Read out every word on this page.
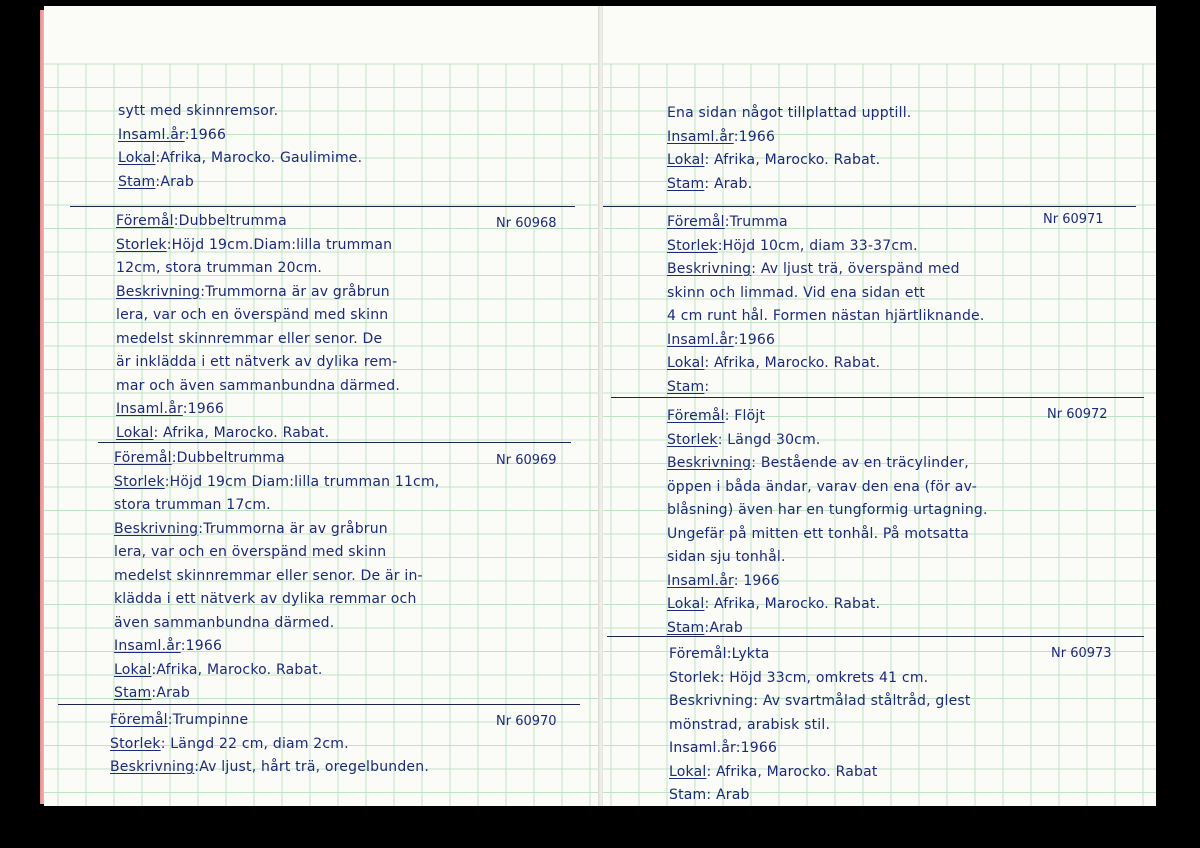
sytt med skinnremsor.
Insaml.år:1966
Lokal:Afrika, Marocko. Gaulimime.
Stam:Arab
Nr 60968
Föremål:Dubbeltrumma
Storlek:Höjd 19cm.Diam:lilla trumman
12cm, stora trumman 20cm.
Beskrivning:Trummorna är av gråbrun
lera, var och en överspänd med skinn
medelst skinnremmar eller senor. De
är inklädda i ett nätverk av dylika rem-
mar och även sammanbundna därmed.
Insaml.år:1966
Lokal: Afrika, Marocko. Rabat.
Nr 60969
Föremål:Dubbeltrumma
Storlek:Höjd 19cm Diam:lilla trumman 11cm,
stora trumman 17cm.
Beskrivning:Trummorna är av gråbrun
lera, var och en överspänd med skinn
medelst skinnremmar eller senor. De är in-
klädda i ett nätverk av dylika remmar och
även sammanbundna därmed.
Insaml.år:1966
Lokal:Afrika, Marocko. Rabat.
Stam:Arab
Nr 60970
Föremål:Trumpinne
Storlek: Längd 22 cm, diam 2cm.
Beskrivning:Av ljust, hårt trä, oregelbunden.
Ena sidan något tillplattad upptill.
Insaml.år:1966
Lokal: Afrika, Marocko. Rabat.
Stam: Arab.
Nr 60971
Föremål:Trumma
Storlek:Höjd 10cm, diam 33-37cm.
Beskrivning: Av ljust trä, överspänd med
skinn och limmad. Vid ena sidan ett
4 cm runt hål. Formen nästan hjärtliknande.
Insaml.år:1966
Lokal: Afrika, Marocko. Rabat.
Stam:
Nr 60972
Föremål: Flöjt
Storlek: Längd 30cm.
Beskrivning: Bestående av en träcylinder,
öppen i båda ändar, varav den ena (för av-
blåsning) även har en tungformig urtagning.
Ungefär på mitten ett tonhål. På motsatta
sidan sju tonhål.
Insaml.år: 1966
Lokal: Afrika, Marocko. Rabat.
Stam:Arab
Nr 60973
Föremål:Lykta
Storlek: Höjd 33cm, omkrets 41 cm.
Beskrivning: Av svartmålad ståltråd, glest
mönstrad, arabisk stil.
Insaml.år:1966
Lokal: Afrika, Marocko. Rabat
Stam: Arab
